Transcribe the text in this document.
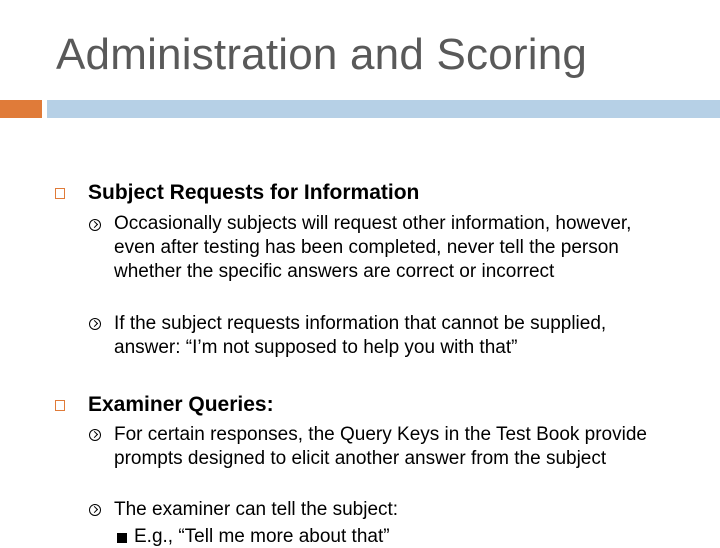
Administration and Scoring
Subject Requests for Information
Occasionally subjects will request other information, however, even after testing has been completed, never tell the person whether the specific answers are correct or incorrect
If the subject requests information that cannot be supplied, answer: “I’m not supposed to help you with that”
Examiner Queries:
For certain responses, the Query Keys in the Test Book provide prompts designed to elicit another answer from the subject
The examiner can tell the subject:
E.g., “Tell me more about that”
